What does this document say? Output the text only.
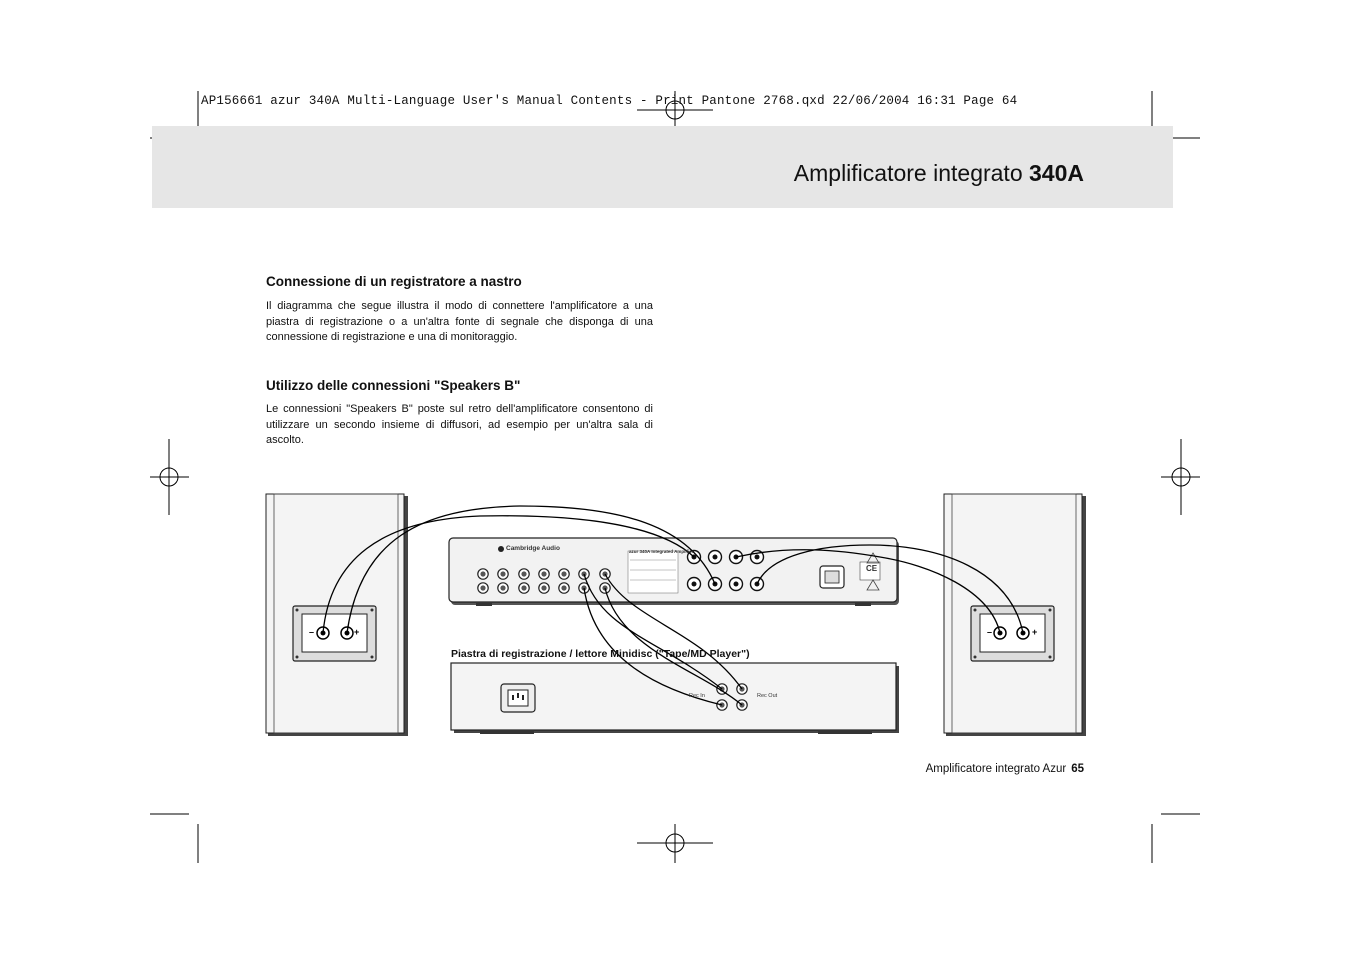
AP156661 azur 340A Multi-Language User's Manual Contents - Print Pantone 2768.qxd 22/06/2004 16:31 Page 64
Amplificatore integrato 340A
Connessione di un registratore a nastro
Il diagramma che segue illustra il modo di connettere l'amplificatore a una piastra di registrazione o a un'altra fonte di segnale che disponga di una connessione di registrazione e una di monitoraggio.
Utilizzo delle connessioni "Speakers B"
Le connessioni "Speakers B" poste sul retro dell'amplificatore consentono di utilizzare un secondo insieme di diffusori, ad esempio per un'altra sala di ascolto.
Cambridge Audio	azur 340A Integrated Amplifier
CE
Piastra di registrazione / lettore Minidisc ("Tape/MD Player")
Rec In	Rec Out
–	+	–	+
Amplificatore integrato Azur 65
